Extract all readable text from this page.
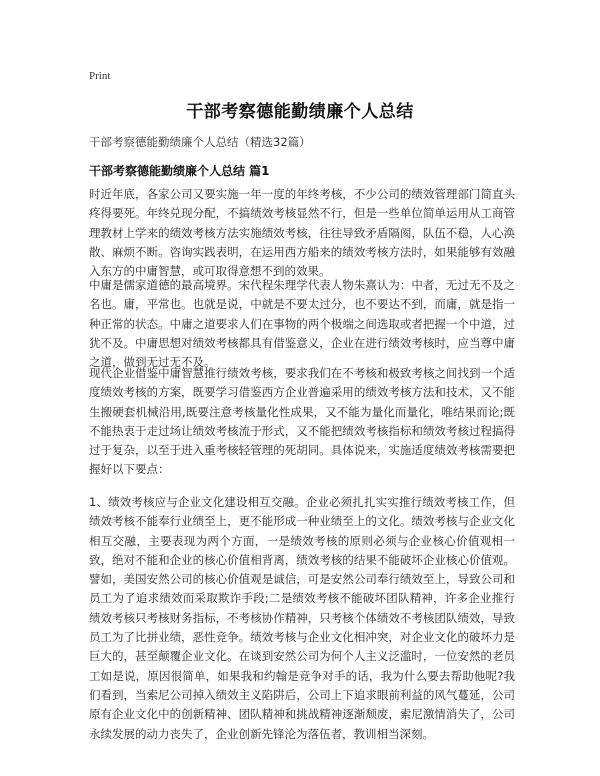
Print
干部考察德能勤绩廉个人总结
干部考察德能勤绩廉个人总结（精选32篇）
干部考察德能勤绩廉个人总结 篇1

时近年底，各家公司又要实施一年一度的年终考核，不少公司的绩效管理部门简直头疼得要死。年终兑现分配，不搞绩效考核显然不行，但是一些单位简单运用从工商管理教材上学来的绩效考核方法实施绩效考核，往往导致矛盾隔阂，队伍不稳，人心涣散、麻烦不断。咨询实践表明，在运用西方船来的绩效考核方法时，如果能够有效融入东方的中庸智慧，或可取得意想不到的效果。

中庸是儒家道德的最高境界。宋代程朱理学代表人物朱熹认为：中者，无过无不及之名也。庸，平常也。也就是说，中就是不要太过分，也不要达不到，而庸，就是指一种正常的状态。中庸之道要求人们在事物的两个极端之间选取或者把握一个中道，过犹不及。中庸思想对绩效考核都具有借鉴意义，企业在进行绩效考核时，应当尊中庸之道，做到无过无不及。

现代企业借鉴中庸智慧推行绩效考核，要求我们在不考核和极致考核之间找到一个适度绩效考核的方案，既要学习借鉴西方企业普遍采用的绩效考核方法和技术，又不能生搬硬套机械沿用,既要注意考核量化性成果，又不能为量化而量化，唯结果而论;既不能热衷于走过场让绩效考核流于形式，又不能把绩效考核指标和绩效考核过程搞得过于复杂，以至于进入重考核轻管理的死胡同。具体说来，实施适度绩效考核需要把握好以下要点：

1、绩效考核应与企业文化建设相互交融。企业必须扎扎实实推行绩效考核工作，但绩效考核不能奉行业绩至上，更不能形成一种业绩至上的文化。绩效考核与企业文化相互交融，主要表现为两个方面，一是绩效考核的原则必须与企业核心价值观相一致，绝对不能和企业的核心价值相背离，绩效考核的结果不能破坏企业核心价值观。譬如，美国安然公司的核心价值观是诚信，可是安然公司奉行绩效至上，导致公司和员工为了追求绩效而采取欺诈手段;二是绩效考核不能破坏团队精神，许多企业推行绩效考核只考核财务指标，不考核协作精神，只考核个体绩效不考核团队绩效，导致员工为了比拼业绩，恶性竞争。绩效考核与企业文化相冲突，对企业文化的破坏力是巨大的，甚至颠覆企业文化。在谈到安然公司为何个人主义泛滥时，一位安然的老员工如是说，原因很简单，如果我和约翰是竞争对手的话，我为什么要去帮助他呢?我们看到，当索尼公司掉入绩效主义陷阱后，公司上下追求眼前利益的风气蔓延，公司原有企业文化中的创新精神、团队精神和挑战精神逐渐颓废，索尼激情消失了，公司永续发展的动力丧失了，企业创新先锋沦为落伍者，教训相当深刻。
